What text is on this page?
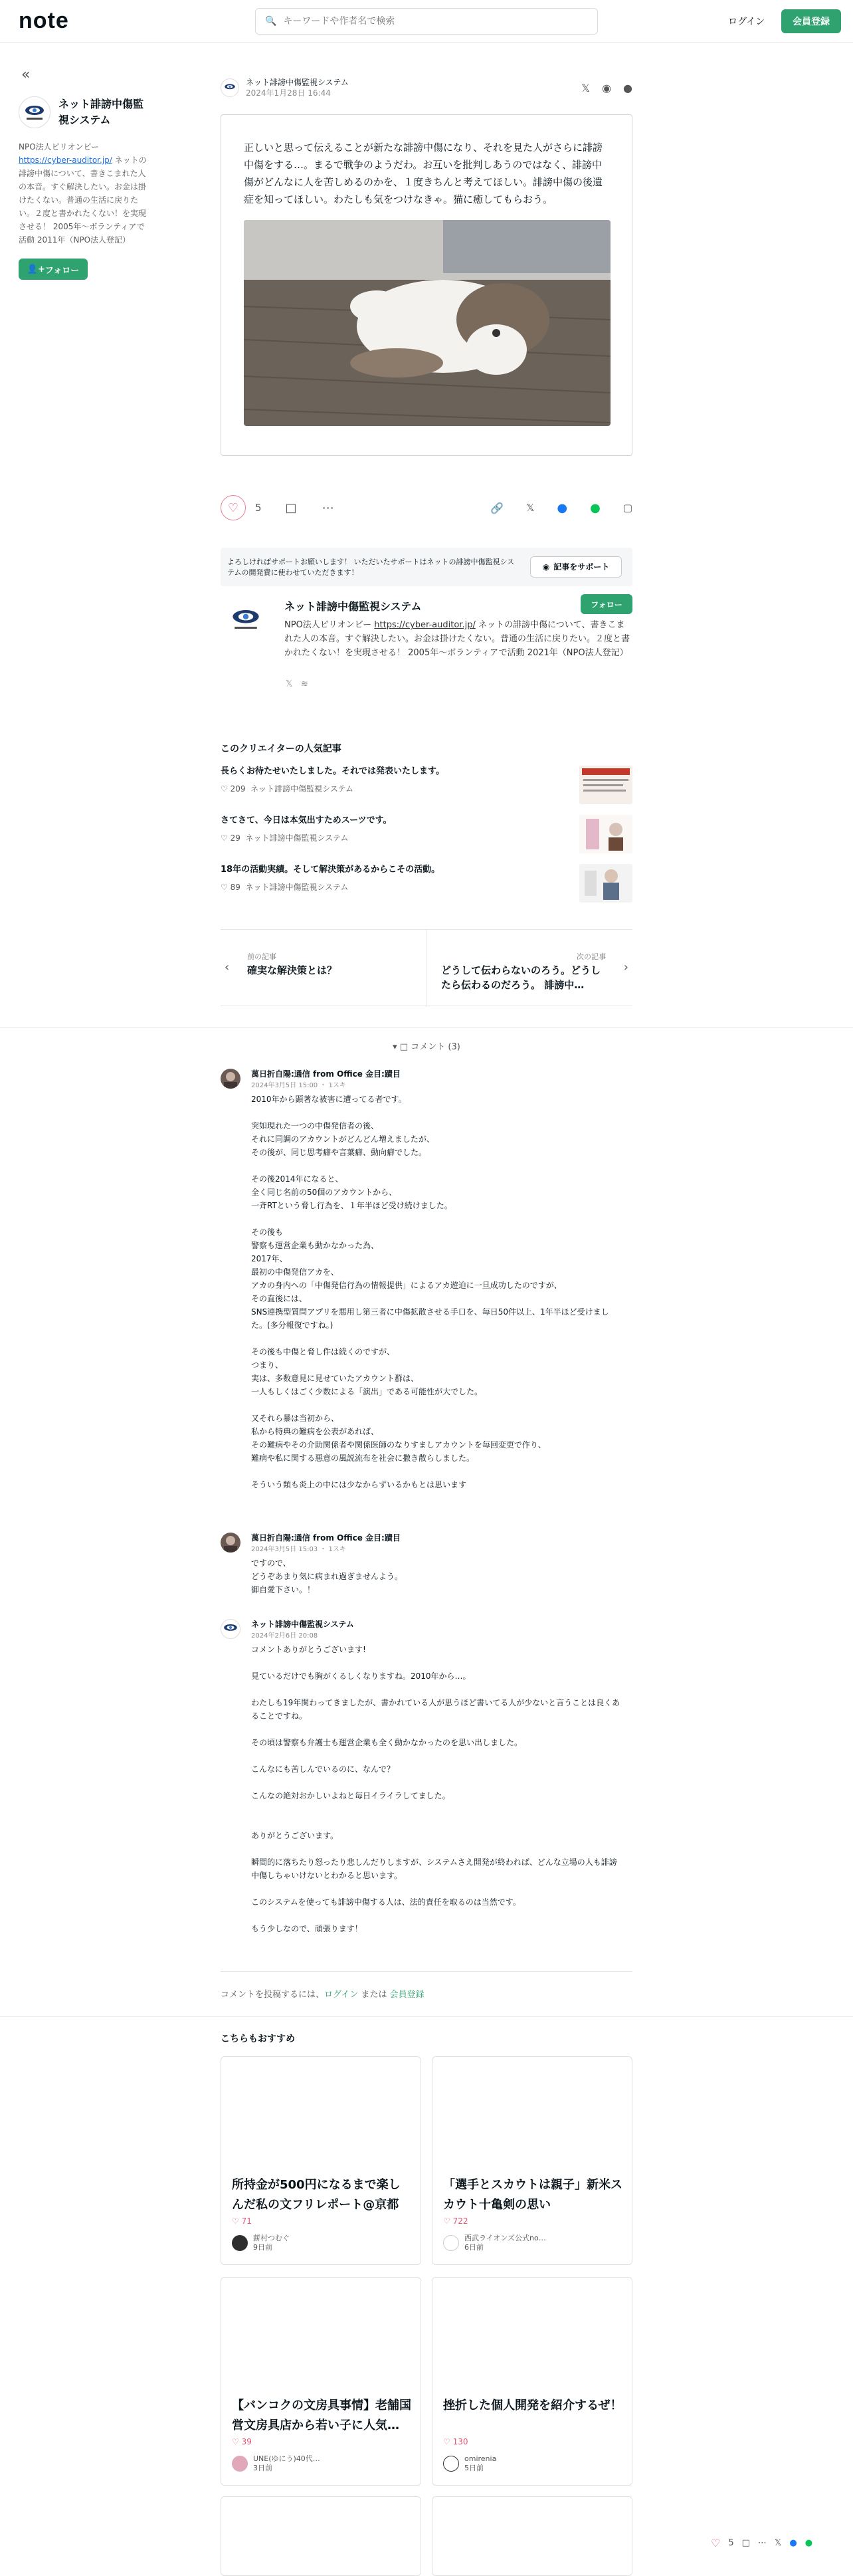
note	🔍
キーワードや作者名で検索	ログイン	会員登録
«
ネット誹謗中傷監視システム
NPO法人ビリオンビー
https://cyber-auditor.jp/ ネットの誹謗中傷について、書きこまれた人の本音。すぐ解決したい。お金は掛けたくない。普通の生活に戻りたい。２度と書かれたくない！を実現させる！ 2005年〜ボランティアで活動 2011年（NPO法人登記）
👤+ フォロー
ネット誹謗中傷監視システム
2024年1月28日 16:44	𝕏 ◉ ●

正しいと思って伝えることが新たな誹謗中傷になり、それを見た人がさらに誹謗中傷をする…。まるで戦争のようだわ。お互いを批判しあうのではなく、誹謗中傷がどんなに人を苦しめるのかを、１度きちんと考えてほしい。誹謗中傷の後遺症を知ってほしい。わたしも気をつけなきゃ。猫に癒してもらおう。

♡	5 □ ⋯	🔗 𝕏 ● ● ▢
よろしければサポートお願いします！ いただいたサポートはネットの誹謗中傷監視システムの開発費に使わせていただきます！
◉ 記事をサポート
ネット誹謗中傷監視システム	フォロー
NPO法人ビリオンビー https://cyber-auditor.jp/ ネットの誹謗中傷について、書きこまれた人の本音。すぐ解決したい。お金は掛けたくない。普通の生活に戻りたい。２度と書かれたくない！を実現させる！ 2005年〜ボランティアで活動 2021年（NPO法人登記）
𝕏 ≋
このクリエイターの人気記事
長らくお待たせいたしました。それでは発表いたします。
♡ 209 ネット誹謗中傷監視システム
さてさて、今日は本気出すためスーツです。
♡ 29 ネット誹謗中傷監視システム
18年の活動実績。そして解決策があるからこその活動。
♡ 89 ネット誹謗中傷監視システム
‹
前の記事
確実な解決策とは？
次の記事
どうして伝わらないのろう。どうしたら伝わるのだろう。 誹謗中…
›
▾ □ コメント (3)
萬日折自陽:通信 from Office 金目:蹟目
2024年3月5日 15:00 ・ 1スキ
2010年から顕著な被害に遭ってる者です。

突如現れた一つの中傷発信者の後、
それに同調のアカウントがどんどん増えましたが、
その後が、同じ思考癖や言葉癖、動向癖でした。

その後2014年になると、
全く同じ名前の50個のアカウントから、
一斉RTという脅し行為を、１年半ほど受け続けました。

その後も
警察も運営企業も動かなかった為、
2017年、
最初の中傷発信アカを、
アカの身内への「中傷発信行為の情報提供」によるアカ遊迫に一旦成功したのですが、
その直後には、
SNS連携型質問アプリを悪用し第三者に中傷拡散させる手口を、毎日50件以上、1年半ほど受けました。(多分報復ですね。)

その後も中傷と脅し件は続くのですが、
つまり、
実は、多数意見に見せていたアカウント群は、
一人もしくはごく少数による「演出」である可能性が大でした。

又それら暴は当初から、
私から特典の難病を公表があれば、
その難病やその介助関係者や関係医師のなりすましアカウントを毎回変更で作り、
難病や私に関する悪意の風説流布を社会に撒き散らしました。

そういう類も炎上の中には少なからずいるかもとは思います
萬日折自陽:通信 from Office 金目:蹟目
2024年3月5日 15:03 ・ 1スキ
ですので、
どうぞあまり気に病まれ過ぎませんよう。
御自愛下さい。！
ネット誹謗中傷監視システム
2024年2月6日 20:08
コメントありがとうございます!

見ているだけでも胸がくるしくなりますね。2010年から…。

わたしも19年関わってきましたが、書かれている人が思うほど書いてる人が少ないと言うことは良くあることですね。

その頃は警察も弁護士も運営企業も全く動かなかったのを思い出しました。

こんなにも苦しんでいるのに、なんで？

こんなの絶対おかしいよねと毎日イライラしてました。

ありがとうございます。

瞬間的に落ちたり怒ったり悲しんだりしますが、システムさえ開発が終われば、どんな立場の人も誹謗中傷しちゃいけないとわかると思います。

このシステムを使っても誹謗中傷する人は、法的責任を取るのは当然です。

もう少しなので、頑張ります！
コメントを投稿するには、ログイン または 会員登録
こちらもおすすめ
所持金が500円になるまで楽しんだ私の文フリレポート@京都
♡ 71
薪村つむぐ
9日前
「選手とスカウトは親子」新米スカウト十亀剣の思い
♡ 722
西武ライオンズ公式no…
6日前
【バンコクの文房具事情】老舗国営文房具店から若い子に人気…
♡ 39
UNE(ゆにう)40代…
3日前
挫折した個人開発を紹介するぜ！
♡ 130
omirenia
5日前
♡ 5 □ ⋯ 𝕏 ● ●
